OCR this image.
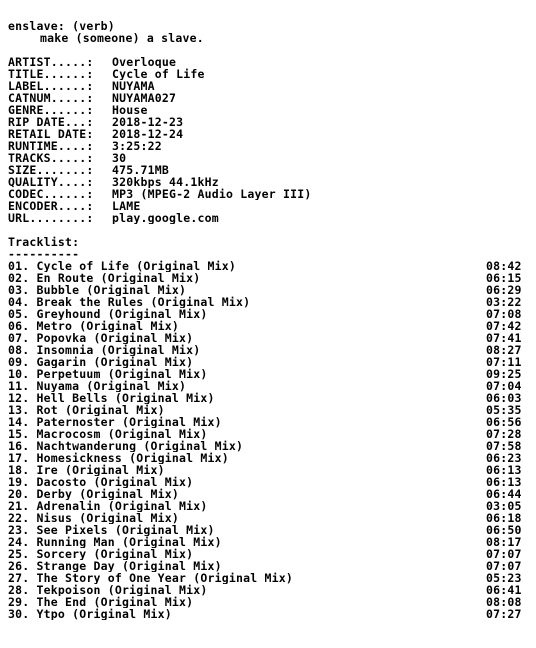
enslave: (verb)
make (someone) a slave.
ARTIST.....:	Overloque
TITLE......:	Cycle of Life
LABEL......:	NUYAMA
CATNUM.....:	NUYAMA027
GENRE......:	House
RIP DATE...:	2018-12-23
RETAIL DATE:	2018-12-24
RUNTIME....:	3:25:22
TRACKS.....:	30
SIZE.......:	475.71MB
QUALITY....:	320kbps 44.1kHz
CODEC......:	MP3 (MPEG-2 Audio Layer III)
ENCODER....:	LAME
URL........:	play.google.com
Tracklist:
----------
01. Cycle of Life (Original Mix)	08:42
02. En Route (Original Mix)	06:15
03. Bubble (Original Mix)	06:29
04. Break the Rules (Original Mix)	03:22
05. Greyhound (Original Mix)	07:08
06. Metro (Original Mix)	07:42
07. Popovka (Original Mix)	07:41
08. Insomnia (Original Mix)	08:27
09. Gagarin (Original Mix)	07:11
10. Perpetuum (Original Mix)	09:25
11. Nuyama (Original Mix)	07:04
12. Hell Bells (Original Mix)	06:03
13. Rot (Original Mix)	05:35
14. Paternoster (Original Mix)	06:56
15. Macrocosm (Original Mix)	07:28
16. Nachtwanderung (Original Mix)	07:58
17. Homesickness (Original Mix)	06:23
18. Ire (Original Mix)	06:13
19. Dacosto (Original Mix)	06:13
20. Derby (Original Mix)	06:44
21. Adrenalin (Original Mix)	03:05
22. Nisus (Original Mix)	06:18
23. See Pixels (Original Mix)	06:50
24. Running Man (Original Mix)	08:17
25. Sorcery (Original Mix)	07:07
26. Strange Day (Original Mix)	07:07
27. The Story of One Year (Original Mix)	05:23
28. Tekpoison (Original Mix)	06:41
29. The End (Original Mix)	08:08
30. Ytpo (Original Mix)	07:27
